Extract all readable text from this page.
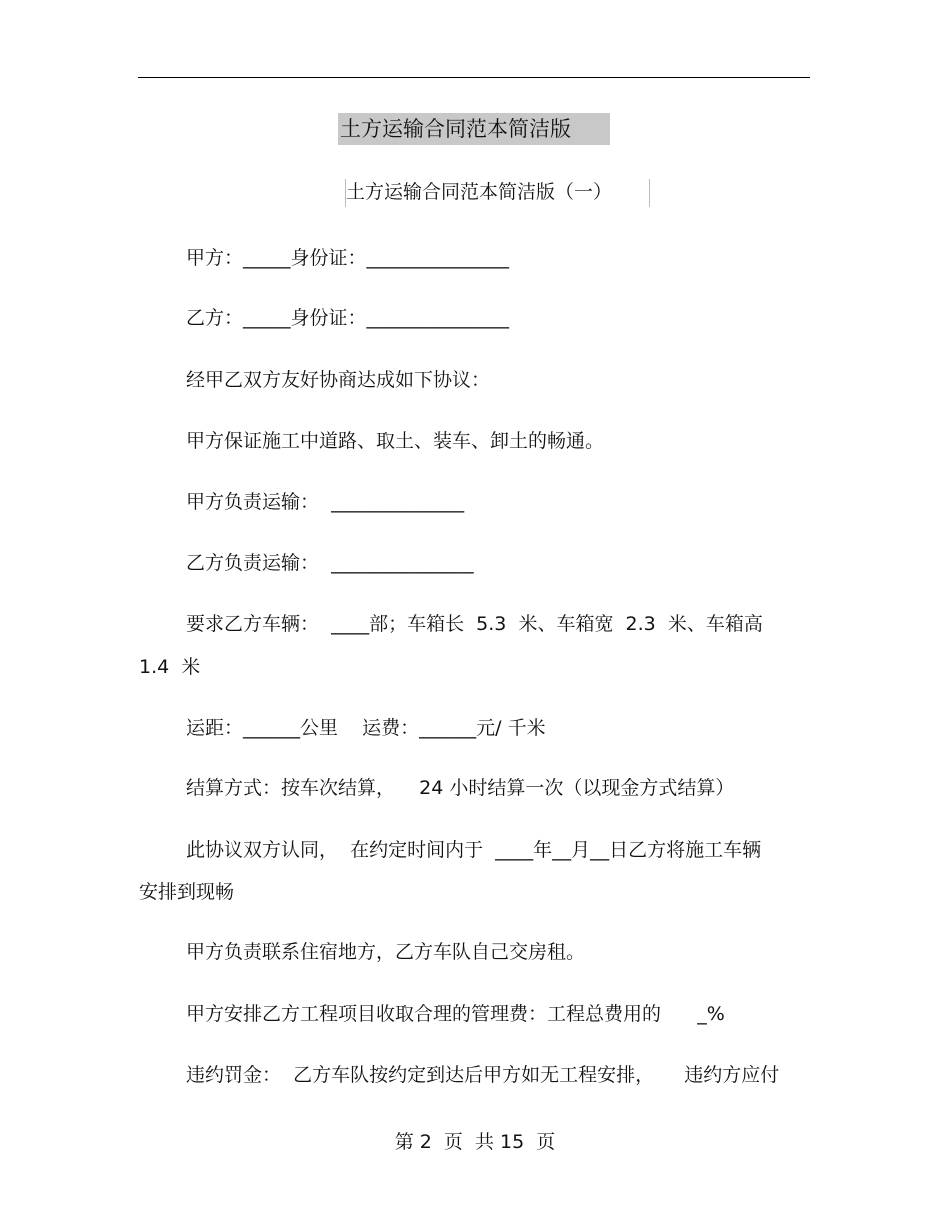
土方运输合同范本简洁版
土方运输合同范本简洁版（一）
甲方：_____身份证：_______________
乙方：_____身份证：_______________
经甲乙双方友好协商达成如下协议：
甲方保证施工中道路、取土、装车、卸土的畅通。
甲方负责运输：  ______________
乙方负责运输：  _______________
要求乙方车辆：  ____部；车箱长  5.3  米、车箱宽  2.3  米、车箱高
1.4  米
运距：______公里    运费：______元/ 千米
结算方式：按车次结算，    24 小时结算一次（以现金方式结算）
此协议双方认同，  在约定时间内于  ____年__月__日乙方将施工车辆
安排到现畅
甲方负责联系住宿地方，乙方车队自己交房租。
甲方安排乙方工程项目收取合理的管理费：工程总费用的      _%
违约罚金：  乙方车队按约定到达后甲方如无工程安排，     违约方应付
第 2  页  共 15  页
